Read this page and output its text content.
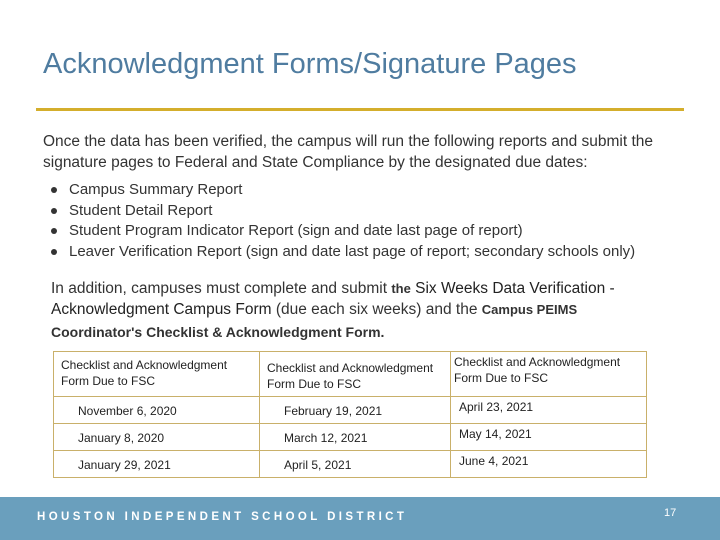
Acknowledgment Forms/Signature Pages

Once the data has been verified, the campus will run the following reports and submit the signature pages to Federal and State Compliance by the designated due dates:

Campus Summary Report
Student Detail Report
Student Program Indicator Report (sign and date last page of report)
Leaver Verification Report (sign and date last page of report; secondary schools only)

In addition, campuses must complete and submit the Six Weeks Data Verification - Acknowledgment Campus Form (due each six weeks) and the Campus PEIMS
Coordinator's Checklist & Acknowledgment Form.

Checklist and Acknowledgment Form Due to FSC	Checklist and Acknowledgment Form Due to FSC	Checklist and Acknowledgment Form Due to FSC

November 6, 2020	February 19, 2021	April 23, 2021

January 8, 2020	March 12, 2021	May 14, 2021

January 29, 2021	April 5, 2021	June 4, 2021
HOUSTON INDEPENDENT SCHOOL DISTRICT	17
